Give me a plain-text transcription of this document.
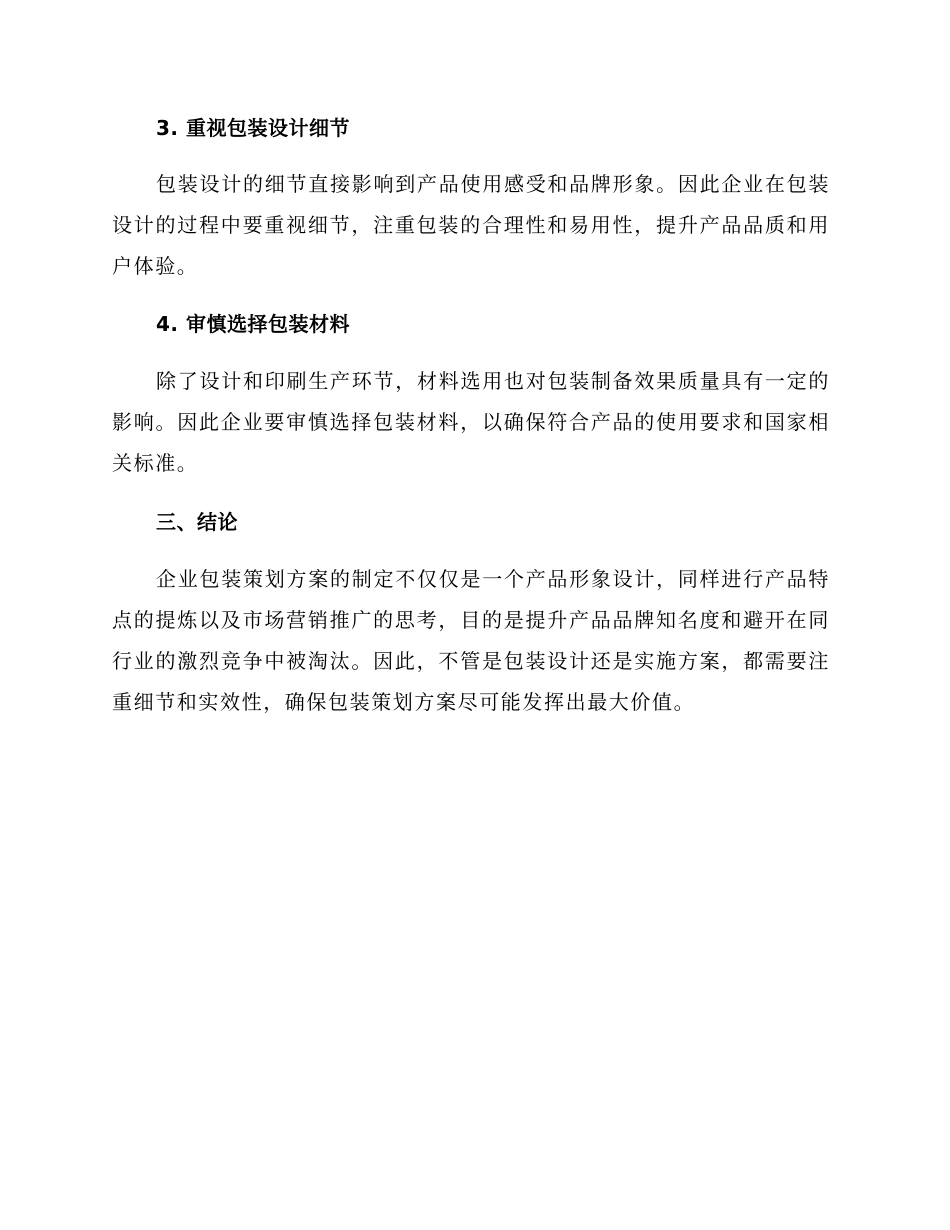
3. 重视包装设计细节

包装设计的细节直接影响到产品使用感受和品牌形象。因此企业在包装设计的过程中要重视细节，注重包装的合理性和易用性，提升产品品质和用户体验。

4. 审慎选择包装材料

除了设计和印刷生产环节，材料选用也对包装制备效果质量具有一定的影响。因此企业要审慎选择包装材料，以确保符合产品的使用要求和国家相关标准。

三、结论

企业包装策划方案的制定不仅仅是一个产品形象设计，同样进行产品特点的提炼以及市场营销推广的思考，目的是提升产品品牌知名度和避开在同行业的激烈竞争中被淘汰。因此，不管是包装设计还是实施方案，都需要注重细节和实效性，确保包装策划方案尽可能发挥出最大价值。
